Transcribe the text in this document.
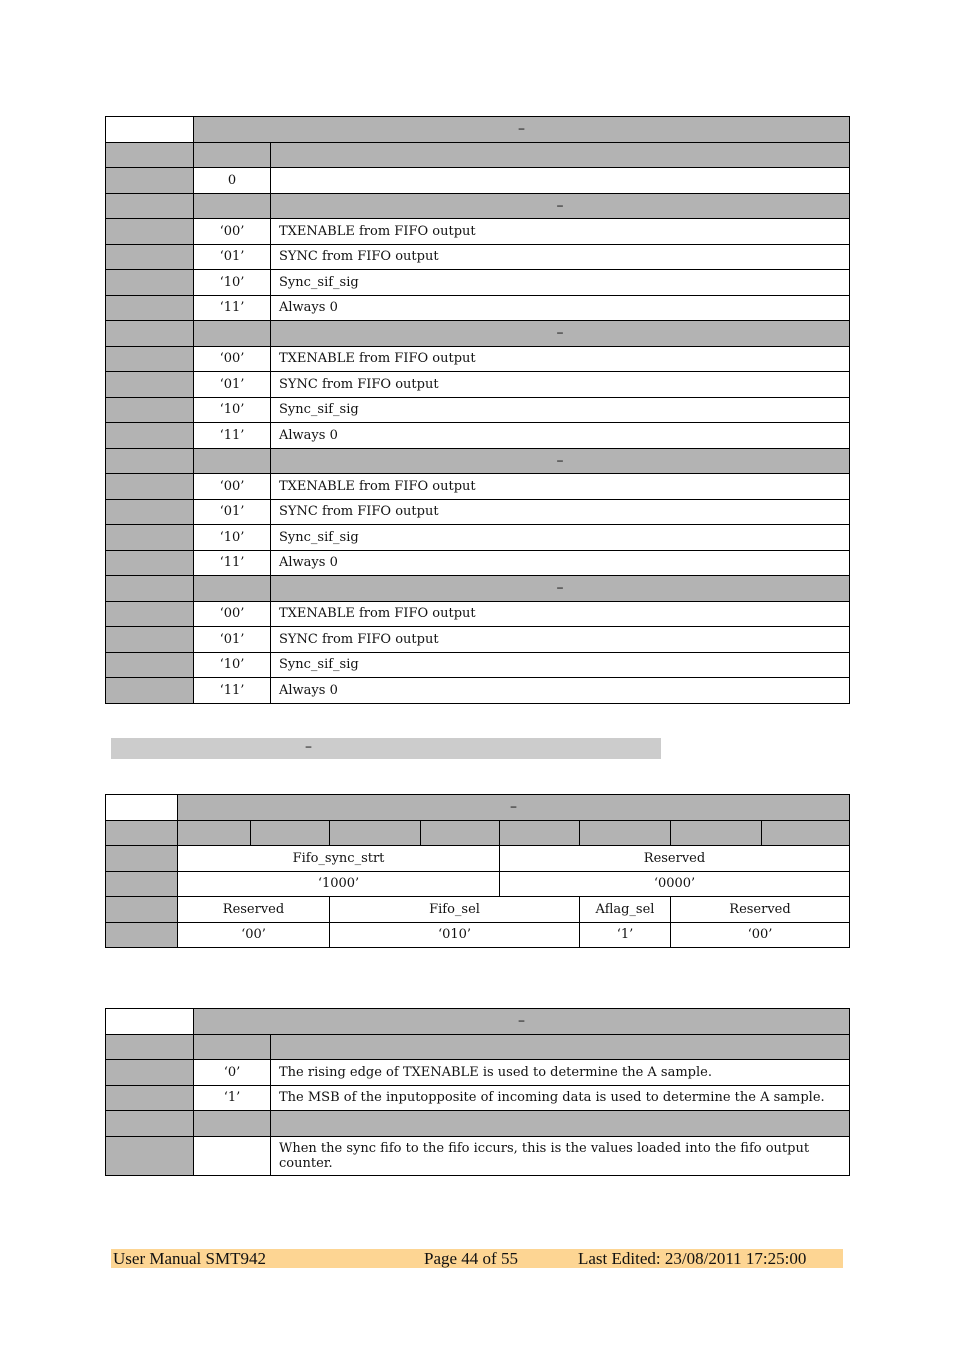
	–	

	0	
		–
	‘00’	TXENABLE from FIFO output
	‘01’	SYNC from FIFO output
	‘10’	Sync_sif_sig
	‘11’	Always 0
		–
	‘00’	TXENABLE from FIFO output
	‘01’	SYNC from FIFO output
	‘10’	Sync_sif_sig
	‘11’	Always 0
		–
	‘00’	TXENABLE from FIFO output
	‘01’	SYNC from FIFO output
	‘10’	Sync_sif_sig
	‘11’	Always 0
		–
	‘00’	TXENABLE from FIFO output
	‘01’	SYNC from FIFO output
	‘10’	Sync_sif_sig
	‘11’	Always 0
–
	–							

	Fifo_sync_strt				Reserved			
	‘1000’				‘0000’			
	Reserved		Fifo_sel			Aflag_sel	Reserved	
	‘00’		‘010’			‘1’	‘00’	
	–	

	‘0’	The rising edge of TXENABLE is used to determine the A sample.
	‘1’	The MSB of the inputopposite of incoming data is used to determine the A sample.

		When the sync fifo to the fifo iccurs, this is the values loaded into the fifo output counter.
User Manual SMT942	Page 44 of 55	Last Edited: 23/08/2011 17:25:00
